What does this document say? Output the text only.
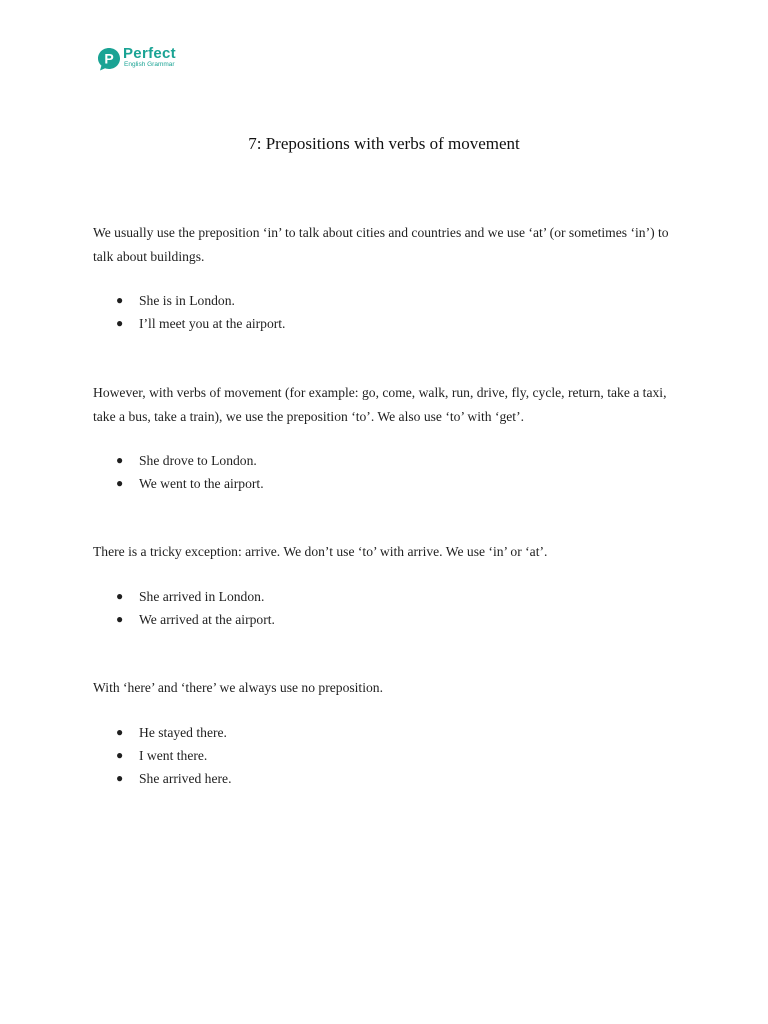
P Perfect
English Grammar
7: Prepositions with verbs of movement

We usually use the preposition ‘in’ to talk about cities and countries and we use ‘at’ (or sometimes ‘in’) to talk about buildings.

● She is in London.
● I’ll meet you at the airport.

However, with verbs of movement (for example: go, come, walk, run, drive, fly, cycle, return, take a taxi, take a bus, take a train), we use the preposition ‘to’. We also use ‘to’ with ‘get’.

● She drove to London.
● We went to the airport.

There is a tricky exception: arrive. We don’t use ‘to’ with arrive. We use ‘in’ or ‘at’.

● She arrived in London.
● We arrived at the airport.

With ‘here’ and ‘there’ we always use no preposition.

● He stayed there.
● I went there.
● She arrived here.
